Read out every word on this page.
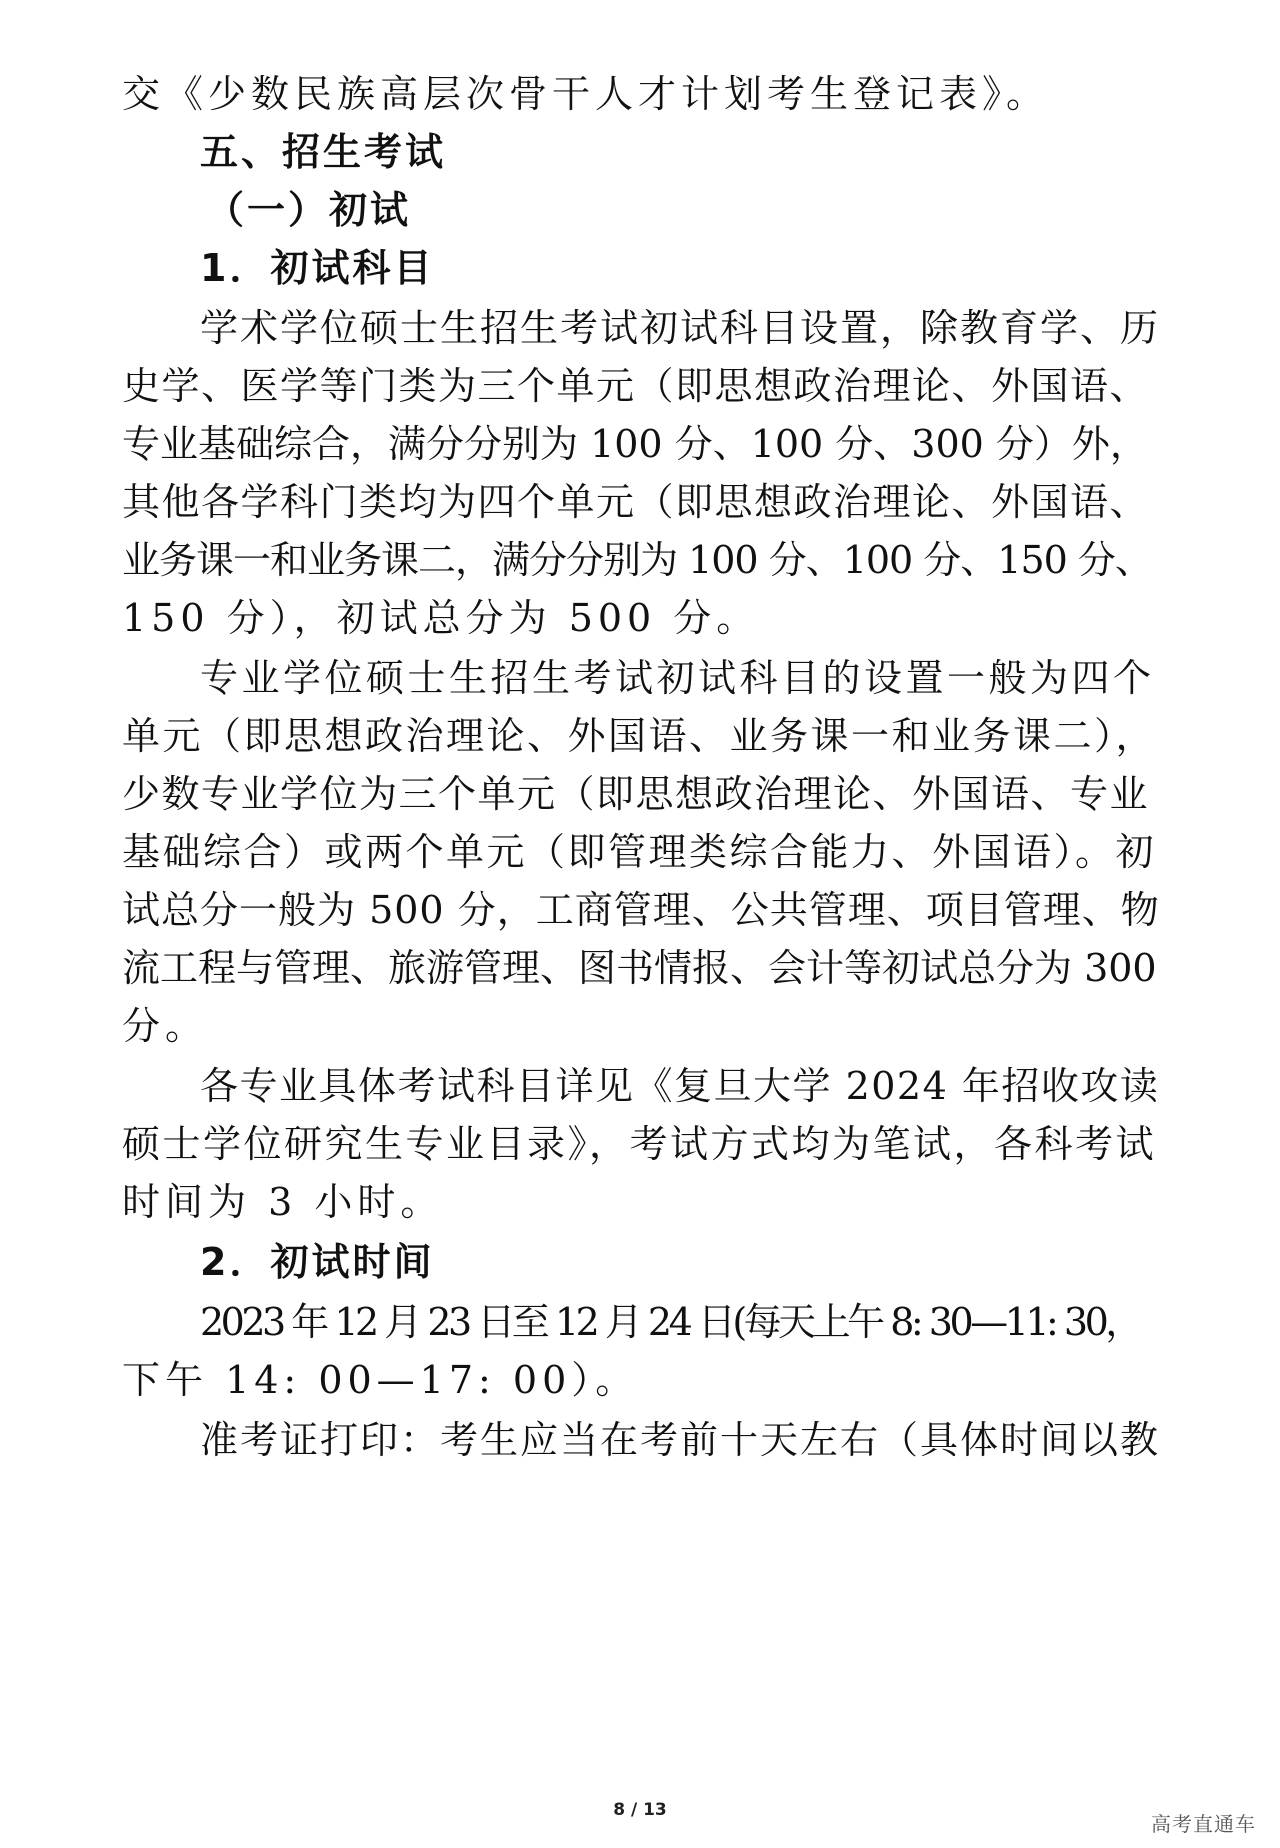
交《少数民族高层次骨干人才计划考生登记表》。
五、招生考试
（一）初试
1．初试科目
学术学位硕士生招生考试初试科目设置，除教育学、历
史学、医学等门类为三个单元（即思想政治理论、外国语、
专业基础综合，满分分别为 100 分、100 分、300 分）外，
其他各学科门类均为四个单元（即思想政治理论、外国语、
业务课一和业务课二，满分分别为 100 分、100 分、150 分、
150 分），初试总分为 500 分。
专业学位硕士生招生考试初试科目的设置一般为四个
单元（即思想政治理论、外国语、业务课一和业务课二），
少数专业学位为三个单元（即思想政治理论、外国语、专业
基础综合）或两个单元（即管理类综合能力、外国语）。初
试总分一般为 500 分，工商管理、公共管理、项目管理、物
流工程与管理、旅游管理、图书情报、会计等初试总分为 300
分。
各专业具体考试科目详见《复旦大学 2024 年招收攻读
硕士学位研究生专业目录》，考试方式均为笔试，各科考试
时间为 3 小时。
2．初试时间
2023 年 12 月 23 日至 12 月 24 日(每天上午 8: 30—11: 30，
下午 14: 00—17: 00）。
准考证打印：考生应当在考前十天左右（具体时间以教
8 / 13
高考直通车
